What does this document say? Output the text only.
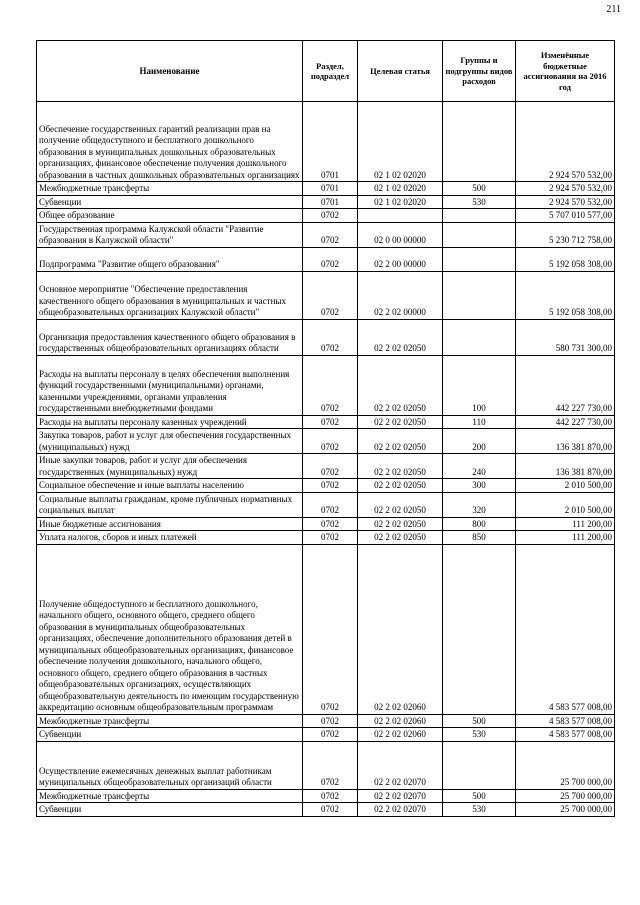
211
Наименование	Раздел, подраздел	Целевая статья	Группы и подгруппы видов расходов	Изменённые бюджетные ассигнования на 2016 год
Обеспечение государственных гарантий реализации прав на получение общедоступного и бесплатного дошкольного образования в муниципальных дошкольных образовательных организациях, финансовое обеспечение получения дошкольного образования в частных дошкольных образовательных организациях	0701	02 1 02 02020		2 924 570 532,00
Межбюджетные трансферты	0701	02 1 02 02020	500	2 924 570 532,00
Субвенции	0701	02 1 02 02020	530	2 924 570 532,00
Общее образование	0702			5 707 010 577,00
Государственная программа Калужской области "Развитие образования в Калужской области"	0702	02 0 00 00000		5 230 712 758,00
Подпрограмма "Развитие общего образования"	0702	02 2 00 00000		5 192 058 308,00
Основное мероприятие "Обеспечение предоставления качественного общего образования в муниципальных и частных общеобразовательных организациях Калужской области"	0702	02 2 02 00000		5 192 058 308,00
Организация предоставления качественного общего образования в государственных общеобразовательных организациях области	0702	02 2 02 02050		580 731 300,00
Расходы на выплаты персоналу в целях обеспечения выполнения функций государственными (муниципальными) органами, казенными учреждениями, органами управления государственными внебюджетными фондами	0702	02 2 02 02050	100	442 227 730,00
Расходы на выплаты персоналу казенных учреждений	0702	02 2 02 02050	110	442 227 730,00
Закупка товаров, работ и услуг для обеспечения государственных (муниципальных) нужд	0702	02 2 02 02050	200	136 381 870,00
Иные закупки товаров, работ и услуг для обеспечения государственных (муниципальных) нужд	0702	02 2 02 02050	240	136 381 870,00
Социальное обеспечение и иные выплаты населению	0702	02 2 02 02050	300	2 010 500,00
Социальные выплаты гражданам, кроме публичных нормативных социальных выплат	0702	02 2 02 02050	320	2 010 500,00
Иные бюджетные ассигнования	0702	02 2 02 02050	800	111 200,00
Уплата налогов, сборов и иных платежей	0702	02 2 02 02050	850	111 200,00
Получение общедоступного и бесплатного дошкольного, начального общего, основного общего, среднего общего образования в муниципальных общеобразовательных организациях, обеспечение дополнительного образования детей в муниципальных общеобразовательных организациях, финансовое обеспечение получения дошкольного, начального общего, основного общего, среднего общего образования в частных общеобразовательных организациях, осуществляющих общеобразовательную деятельность по имеющим государственную аккредитацию основным общеобразовательным программам	0702	02 2 02 02060		4 583 577 008,00
Межбюджетные трансферты	0702	02 2 02 02060	500	4 583 577 008,00
Субвенции	0702	02 2 02 02060	530	4 583 577 008,00
Осуществление ежемесячных денежных выплат работникам муниципальных общеобразовательных организаций области	0702	02 2 02 02070		25 700 000,00
Межбюджетные трансферты	0702	02 2 02 02070	500	25 700 000,00
Субвенции	0702	02 2 02 02070	530	25 700 000,00
